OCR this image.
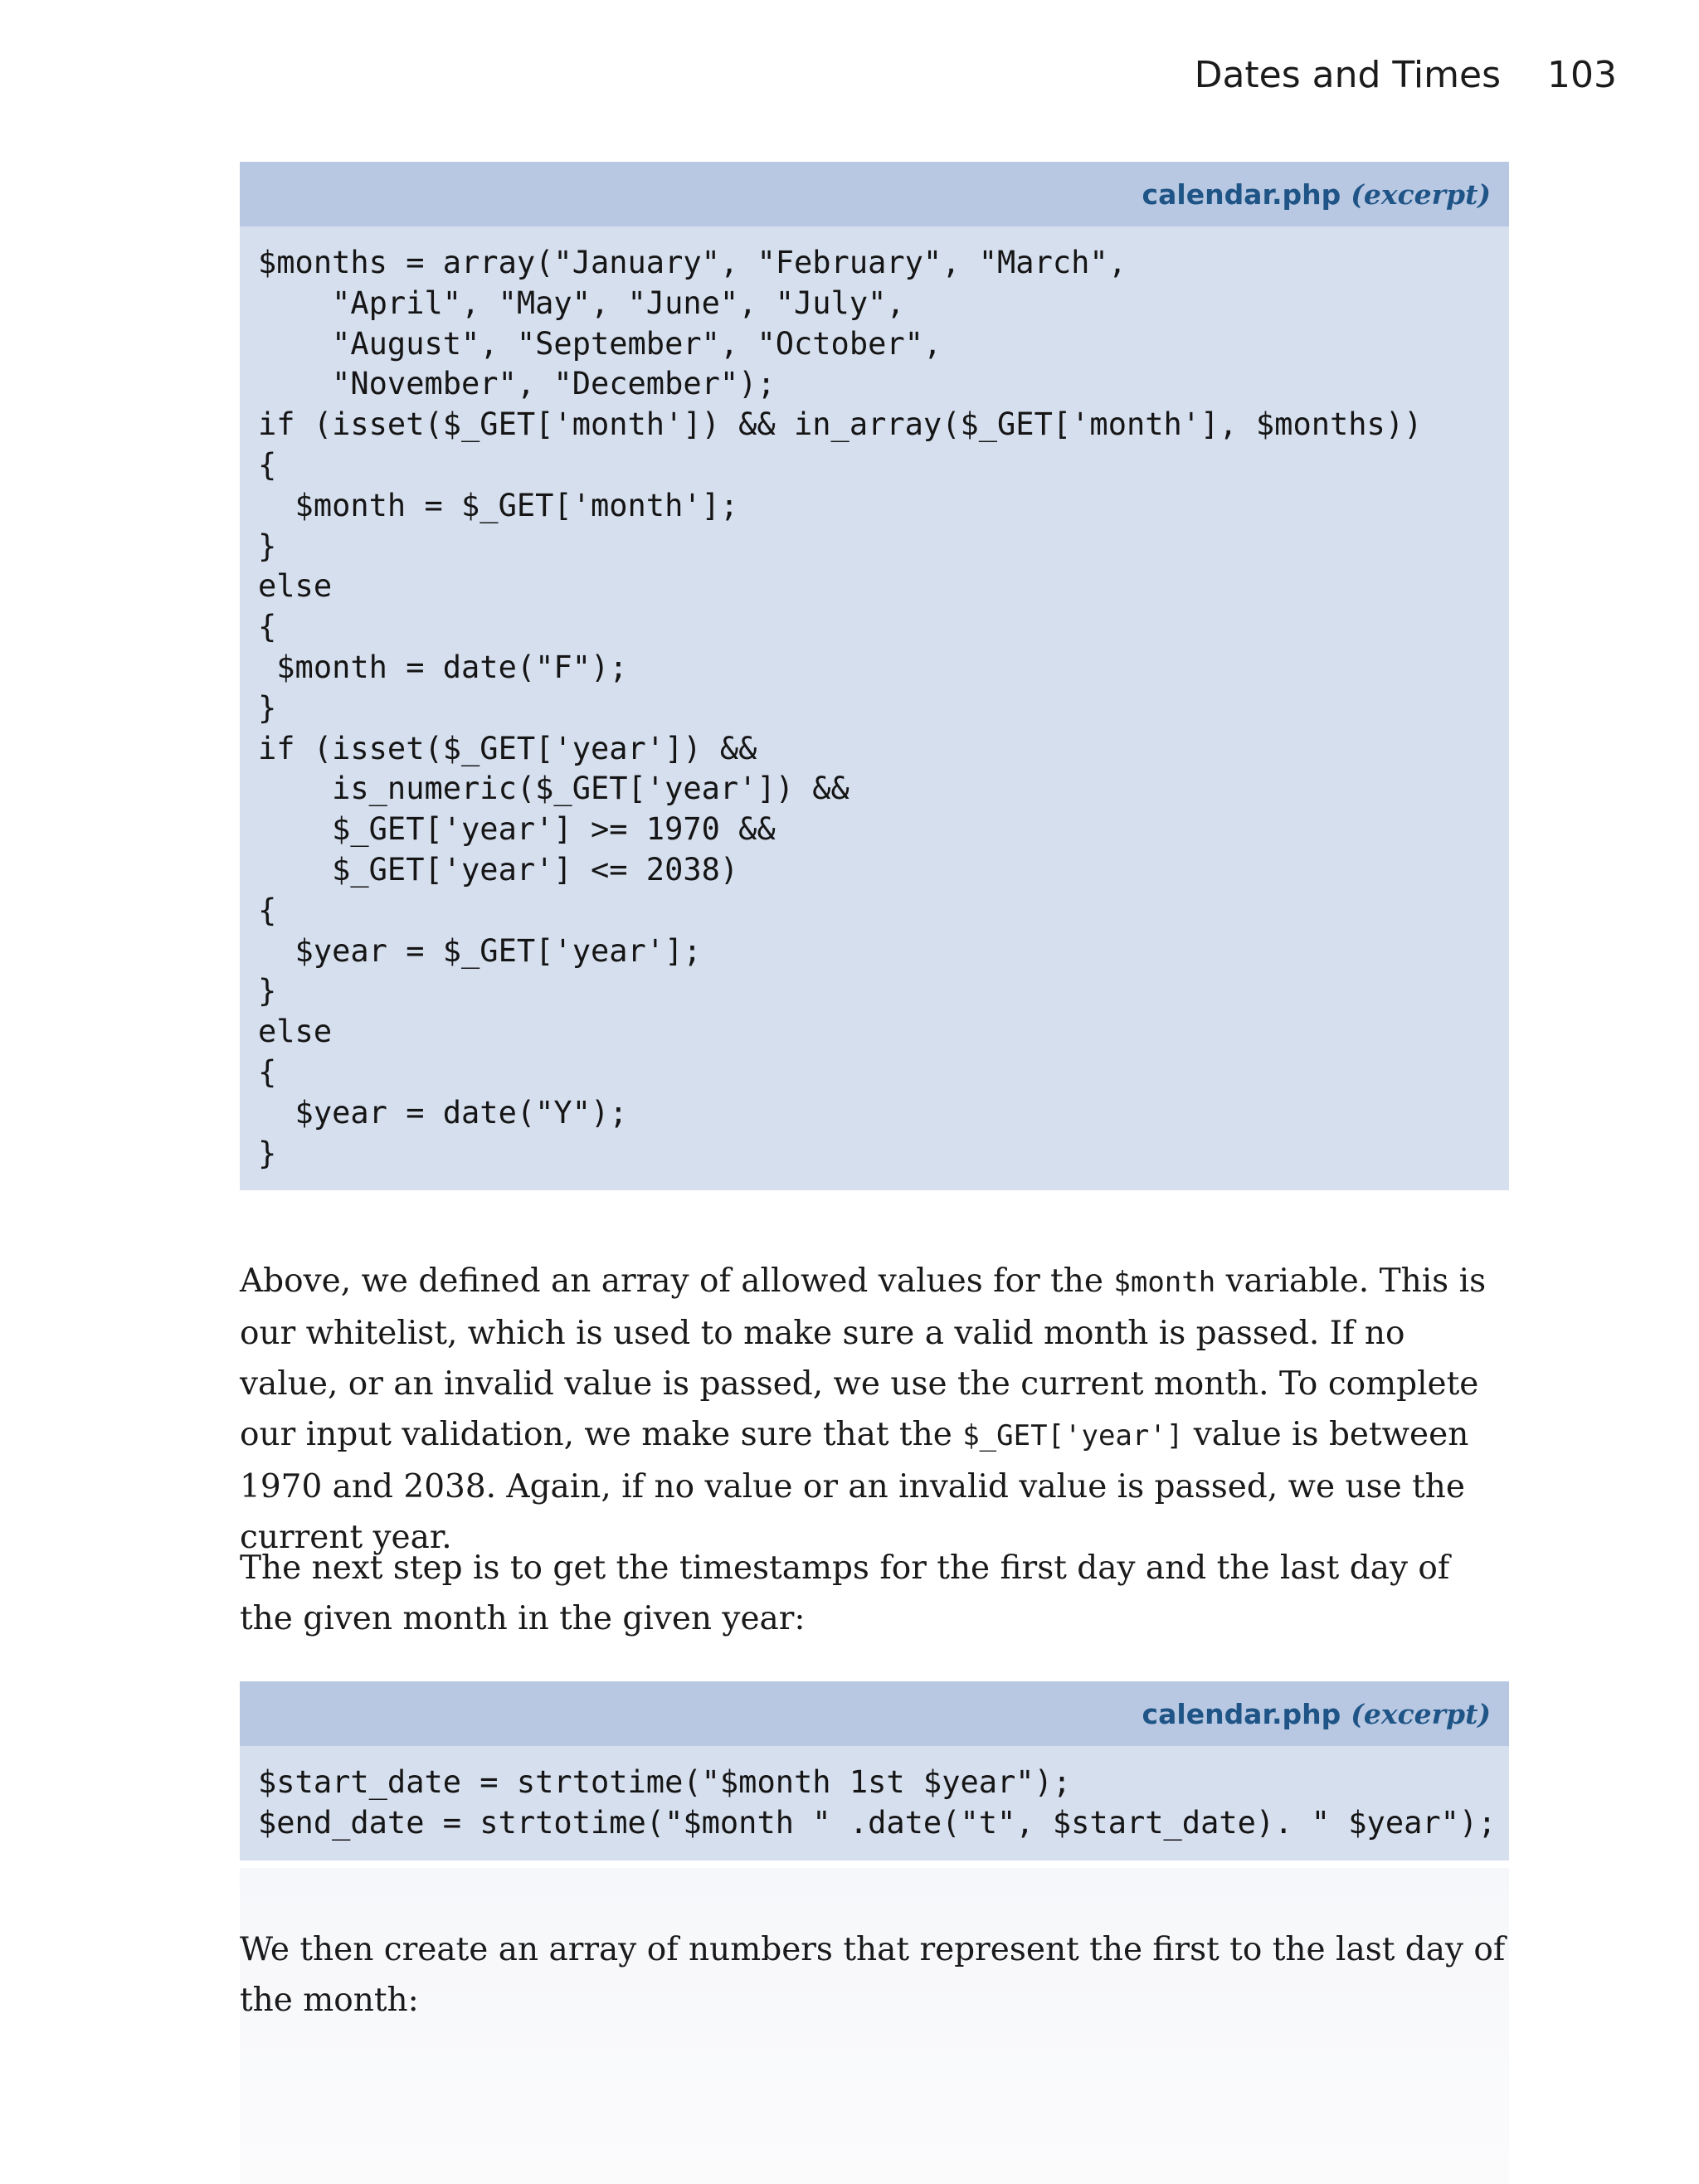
Dates and Times 103
calendar.php (excerpt)
$months = array("January", "February", "March",
"April", "May", "June", "July",
"August", "September", "October",
"November", "December");
if (isset($_GET['month']) && in_array($_GET['month'], $months))
{
$month = $_GET['month'];
}
else
{
$month = date("F");
}
if (isset($_GET['year']) &&
is_numeric($_GET['year']) &&
$_GET['year'] >= 1970 &&
$_GET['year'] <= 2038)
{
$year = $_GET['year'];
}
else
{
$year = date("Y");
}

Above, we defined an array of allowed values for the $month variable. This is our whitelist, which is used to make sure a valid month is passed. If no value, or an invalid value is passed, we use the current month. To complete our input validation, we make sure that the $_GET['year'] value is between 1970 and 2038. Again, if no value or an invalid value is passed, we use the current year.

The next step is to get the timestamps for the first day and the last day of the given month in the given year:

calendar.php (excerpt)
$start_date = strtotime("$month 1st $year");
$end_date = strtotime("$month " .date("t", $start_date). " $year");

We then create an array of numbers that represent the first to the last day of the month:
